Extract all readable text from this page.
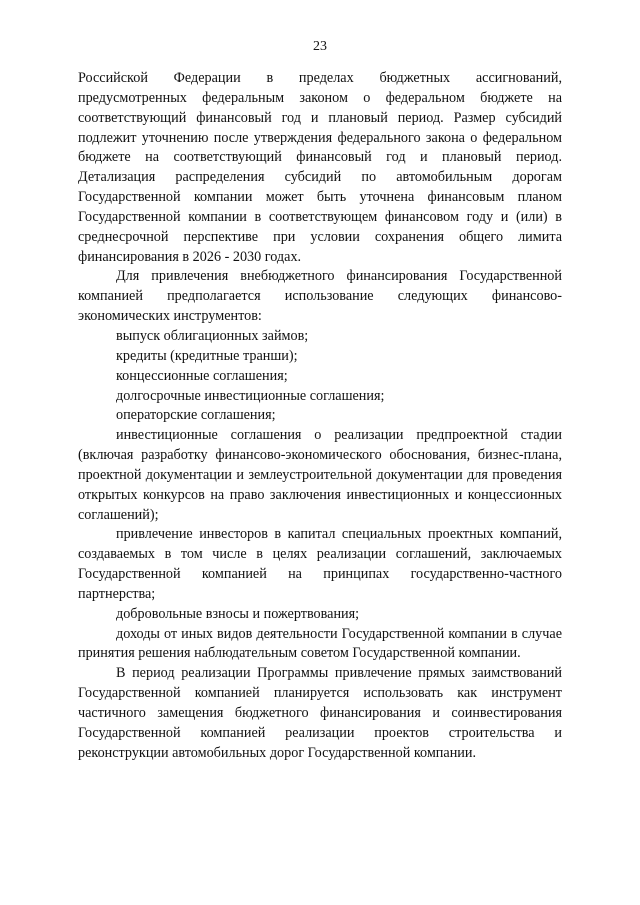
23

Российской Федерации в пределах бюджетных ассигнований, предусмотренных федеральным законом о федеральном бюджете на соответствующий финансовый год и плановый период. Размер субсидий подлежит уточнению после утверждения федерального закона о федеральном бюджете на соответствующий финансовый год и плановый период. Детализация распределения субсидий по автомобильным дорогам Государственной компании может быть уточнена финансовым планом Государственной компании в соответствующем финансовом году и (или) в среднесрочной перспективе при условии сохранения общего лимита финансирования в 2026 - 2030 годах.

Для привлечения внебюджетного финансирования Государственной компанией предполагается использование следующих финансово-экономических инструментов:

выпуск облигационных займов;

кредиты (кредитные транши);

концессионные соглашения;

долгосрочные инвестиционные соглашения;

операторские соглашения;

инвестиционные соглашения о реализации предпроектной стадии (включая разработку финансово-экономического обоснования, бизнес-плана, проектной документации и землеустроительной документации для проведения открытых конкурсов на право заключения инвестиционных и концессионных соглашений);

привлечение инвесторов в капитал специальных проектных компаний, создаваемых в том числе в целях реализации соглашений, заключаемых Государственной компанией на принципах государственно-частного партнерства;

добровольные взносы и пожертвования;

доходы от иных видов деятельности Государственной компании в случае принятия решения наблюдательным советом Государственной компании.

В период реализации Программы привлечение прямых заимствований Государственной компанией планируется использовать как инструмент частичного замещения бюджетного финансирования и соинвестирования Государственной компанией реализации проектов строительства и реконструкции автомобильных дорог Государственной компании.
